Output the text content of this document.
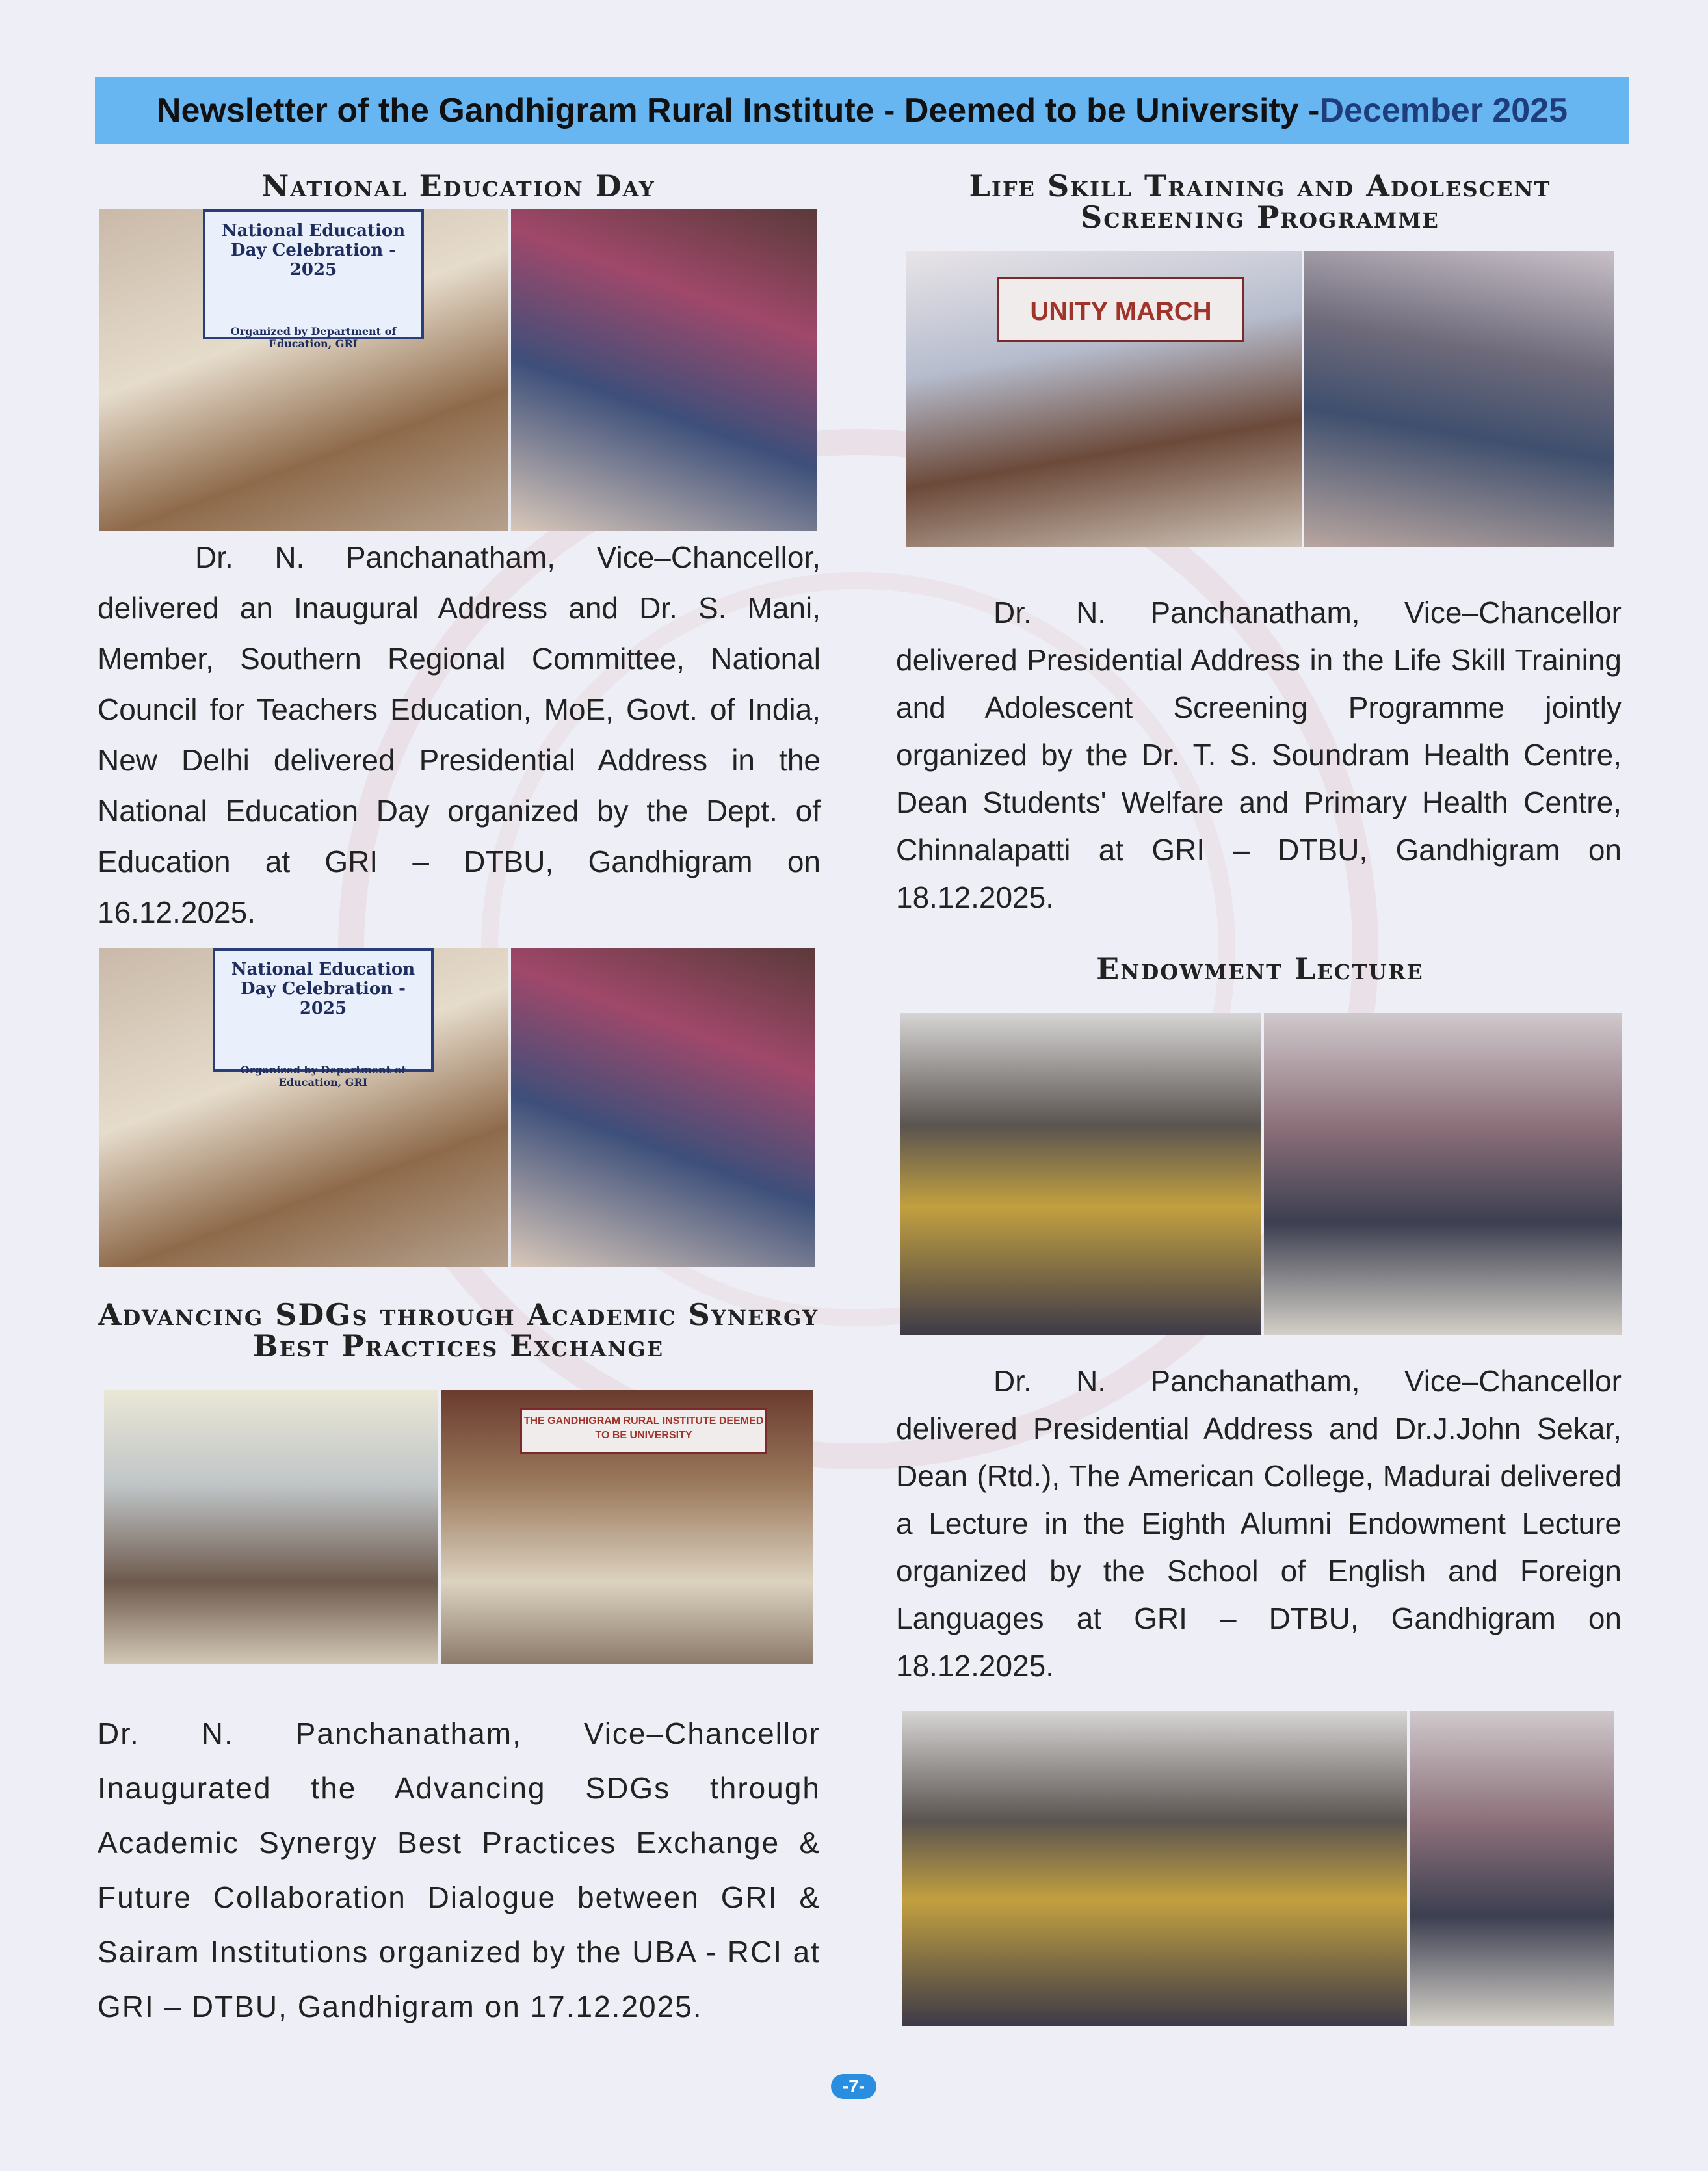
Newsletter of the Gandhigram Rural Institute - Deemed to be University - December 2025
National Education Day
National Education Day Celebration - 2025
Organized by Department of Education, GRI
Dr. N. Panchanatham, Vice–Chancellor, delivered an Inaugural Address and Dr. S. Mani, Member, Southern Regional Committee, National Council for Teachers Education, MoE, Govt. of India, New Delhi delivered Presidential Address in the National Education Day organized by the Dept. of Education at GRI – DTBU, Gandhigram on 16.12.2025.
National Education Day Celebration - 2025
Organized by Department of Education, GRI
Advancing SDGs through Academic Synergy Best Practices Exchange
THE GANDHIGRAM RURAL INSTITUTE DEEMED TO BE UNIVERSITY
Dr. N. Panchanatham, Vice–Chancellor Inaugurated the Advancing SDGs through Academic Synergy Best Practices Exchange & Future Collaboration Dialogue between GRI & Sairam Institutions organized by the UBA - RCI at GRI – DTBU, Gandhigram on 17.12.2025.
Life Skill Training and Adolescent Screening Programme
UNITY MARCH
Dr. N. Panchanatham, Vice–Chancellor delivered Presidential Address in the Life Skill Training and Adolescent Screening Programme jointly organized by the Dr. T. S. Soundram Health Centre, Dean Students' Welfare and Primary Health Centre, Chinnalapatti at GRI – DTBU, Gandhigram on 18.12.2025.
Endowment Lecture
Dr. N. Panchanatham, Vice–Chancellor delivered Presidential Address and Dr.J.John Sekar, Dean (Rtd.), The American College, Madurai delivered a Lecture in the Eighth Alumni Endowment Lecture organized by the School of English and Foreign Languages at GRI – DTBU, Gandhigram on 18.12.2025.
-7-
